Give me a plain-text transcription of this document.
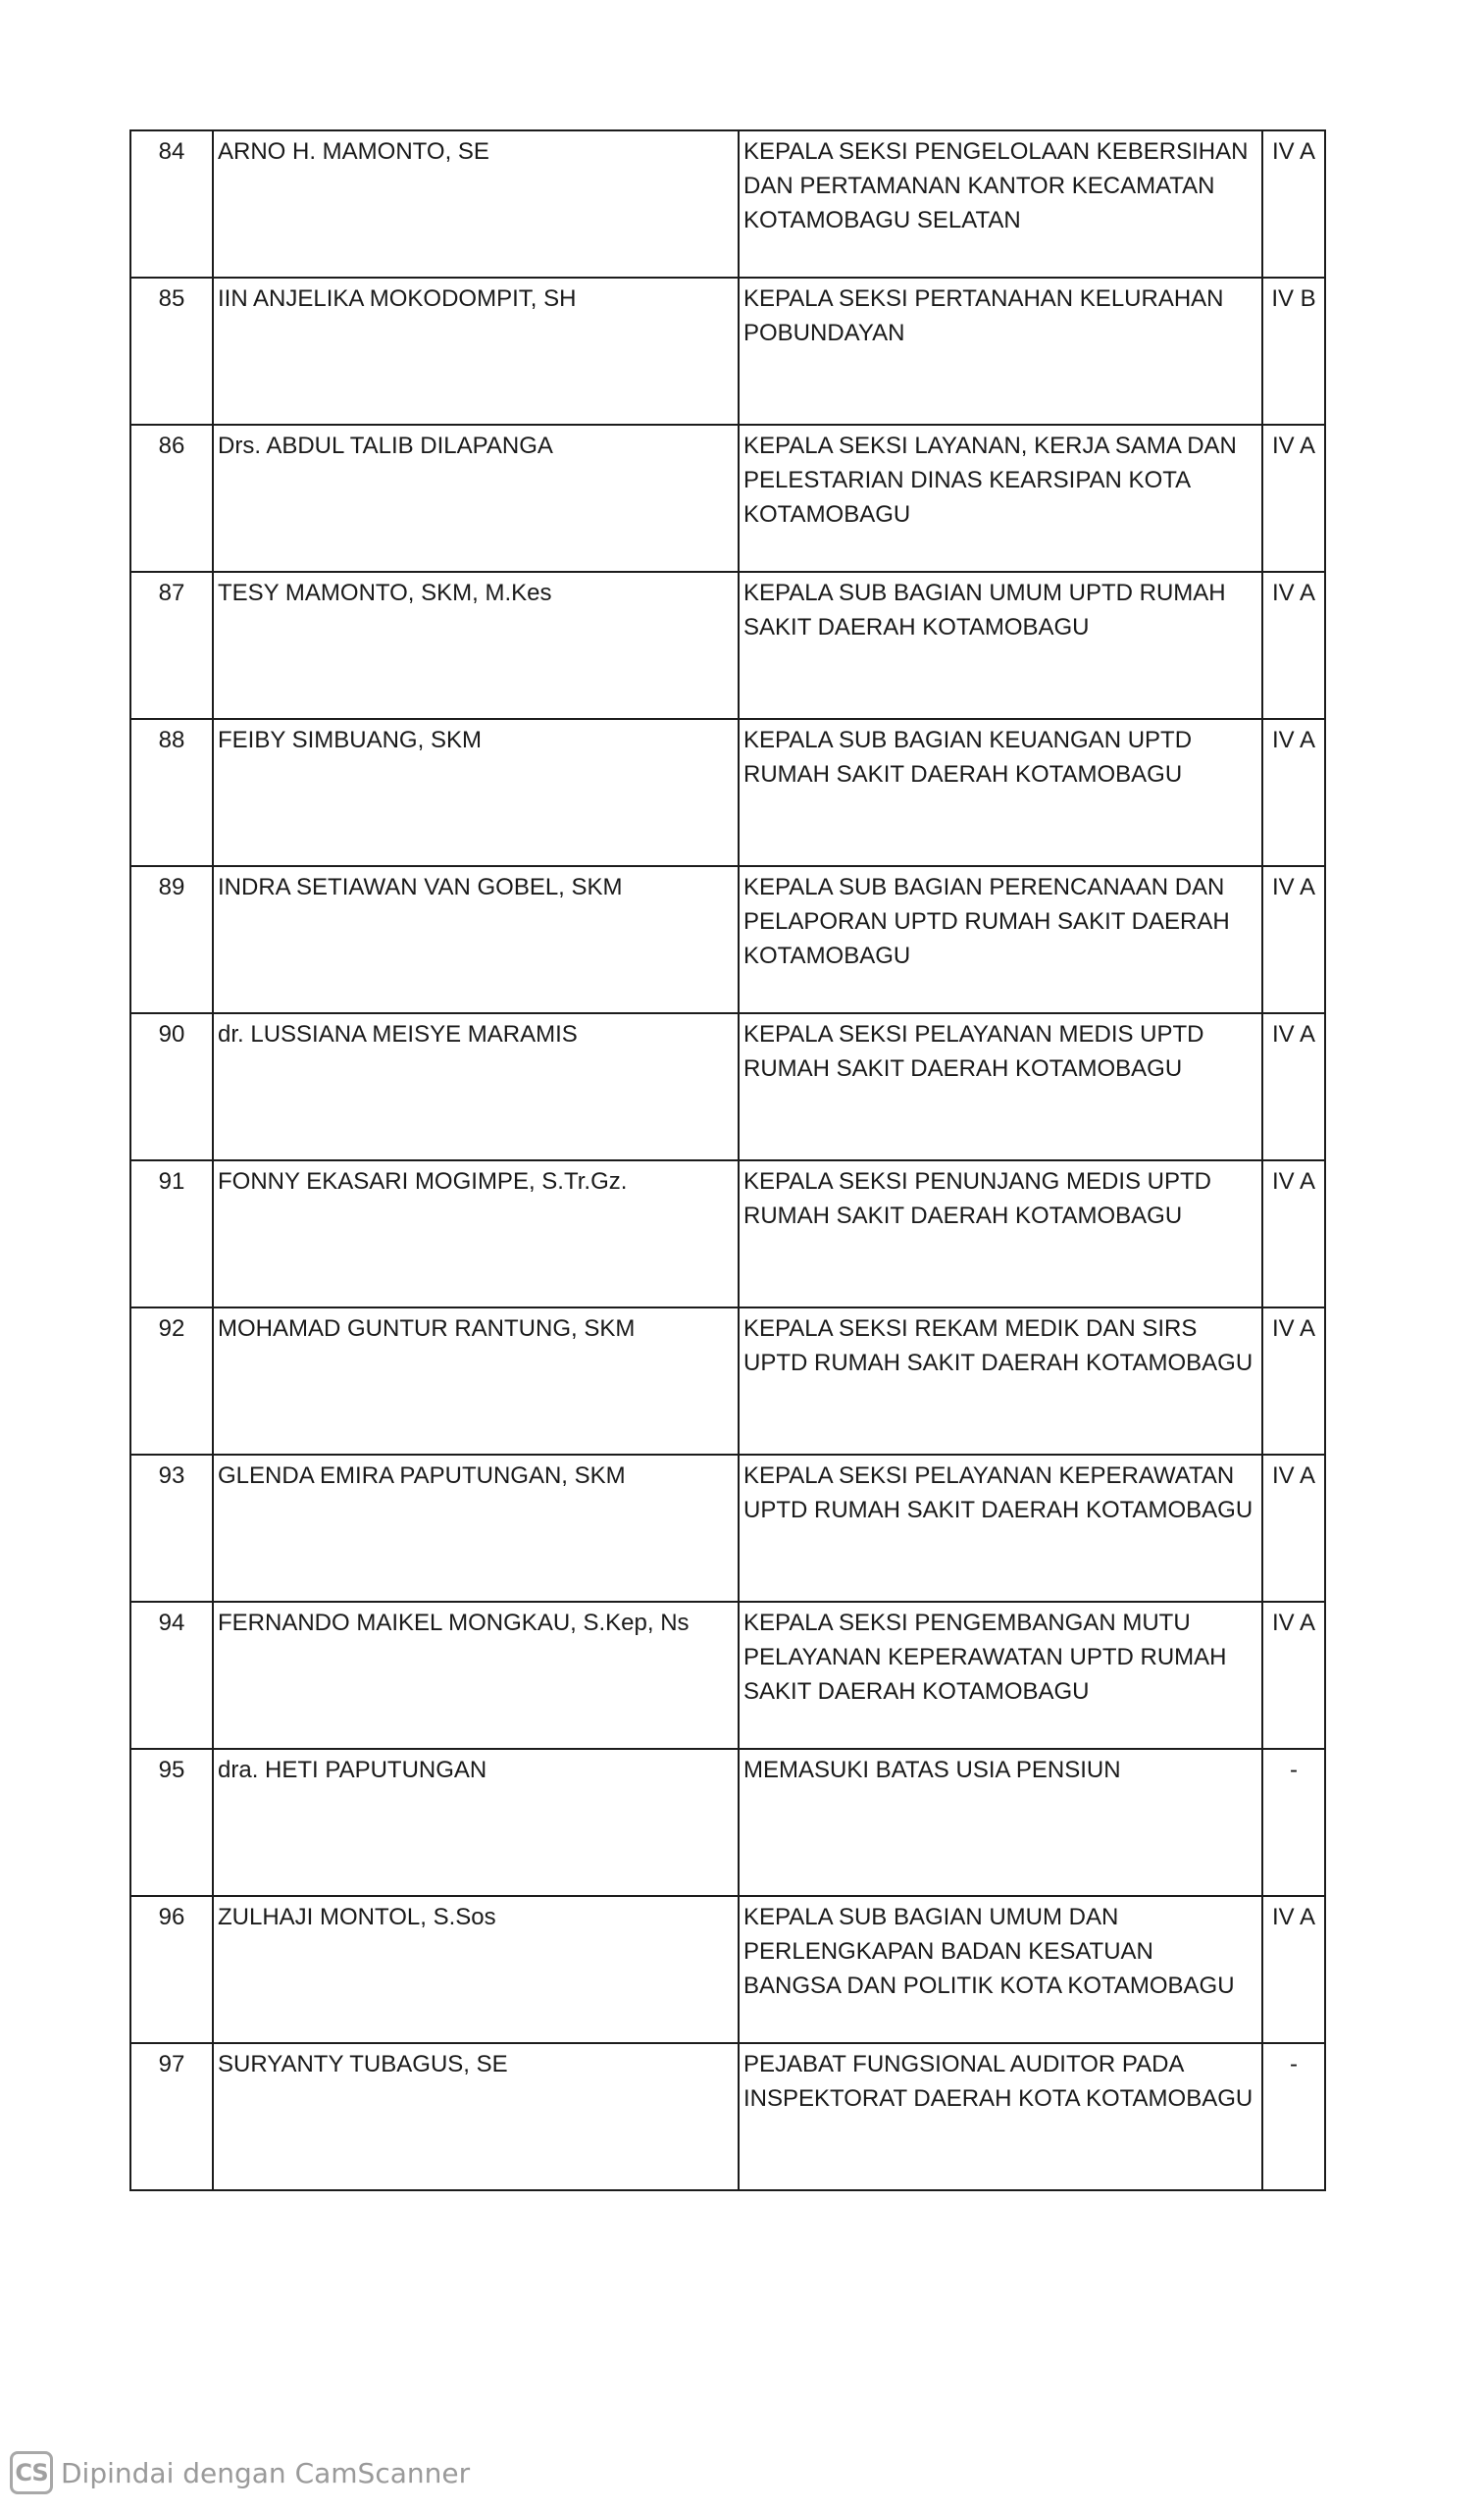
84	ARNO H. MAMONTO, SE	KEPALA SEKSI PENGELOLAAN KEBERSIHAN DAN PERTAMANAN KANTOR KECAMATAN KOTAMOBAGU SELATAN	IV A
85	IIN ANJELIKA MOKODOMPIT, SH	KEPALA SEKSI PERTANAHAN KELURAHAN POBUNDAYAN	IV B
86	Drs. ABDUL TALIB DILAPANGA	KEPALA SEKSI LAYANAN, KERJA SAMA DAN PELESTARIAN DINAS KEARSIPAN KOTA KOTAMOBAGU	IV A
87	TESY MAMONTO, SKM, M.Kes	KEPALA SUB BAGIAN UMUM UPTD RUMAH SAKIT DAERAH KOTAMOBAGU	IV A
88	FEIBY SIMBUANG, SKM	KEPALA SUB BAGIAN KEUANGAN UPTD RUMAH SAKIT DAERAH KOTAMOBAGU	IV A
89	INDRA SETIAWAN VAN GOBEL, SKM	KEPALA SUB BAGIAN PERENCANAAN DAN PELAPORAN UPTD RUMAH SAKIT DAERAH KOTAMOBAGU	IV A
90	dr. LUSSIANA MEISYE MARAMIS	KEPALA SEKSI PELAYANAN MEDIS UPTD RUMAH SAKIT DAERAH KOTAMOBAGU	IV A
91	FONNY EKASARI MOGIMPE, S.Tr.Gz.	KEPALA SEKSI PENUNJANG MEDIS UPTD RUMAH SAKIT DAERAH KOTAMOBAGU	IV A
92	MOHAMAD GUNTUR RANTUNG, SKM	KEPALA SEKSI REKAM MEDIK DAN SIRS UPTD RUMAH SAKIT DAERAH KOTAMOBAGU	IV A
93	GLENDA EMIRA PAPUTUNGAN, SKM	KEPALA SEKSI PELAYANAN KEPERAWATAN UPTD RUMAH SAKIT DAERAH KOTAMOBAGU	IV A
94	FERNANDO MAIKEL MONGKAU, S.Kep, Ns	KEPALA SEKSI PENGEMBANGAN MUTU PELAYANAN KEPERAWATAN UPTD RUMAH SAKIT DAERAH KOTAMOBAGU	IV A
95	dra. HETI PAPUTUNGAN	MEMASUKI BATAS USIA PENSIUN	-
96	ZULHAJI MONTOL, S.Sos	KEPALA SUB BAGIAN UMUM DAN PERLENGKAPAN BADAN KESATUAN BANGSA DAN POLITIK KOTA KOTAMOBAGU	IV A
97	SURYANTY TUBAGUS, SE	PEJABAT FUNGSIONAL AUDITOR PADA INSPEKTORAT DAERAH KOTA KOTAMOBAGU	-
CS Dipindai dengan CamScanner
